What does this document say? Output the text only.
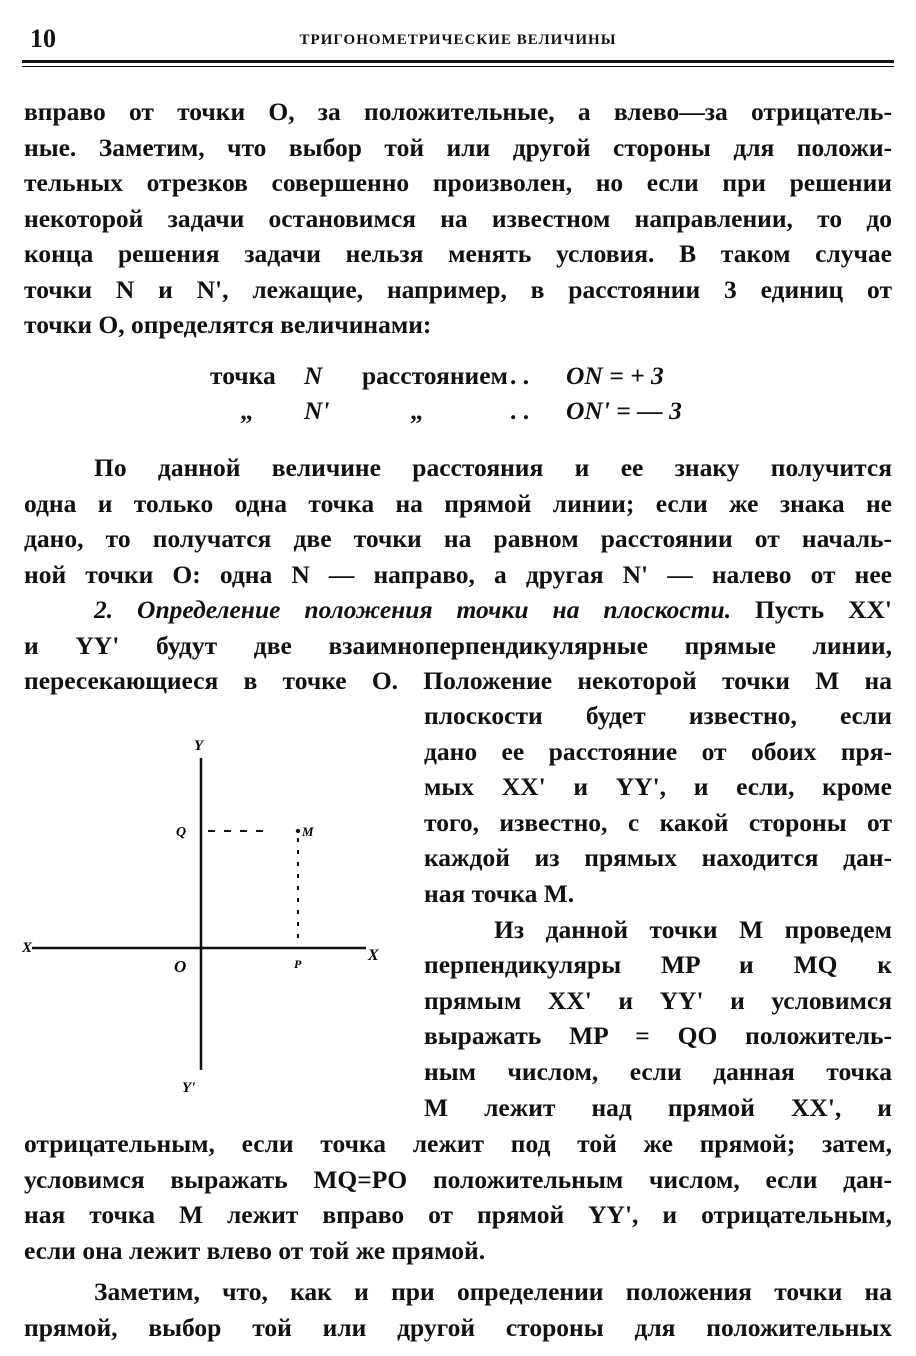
10	ТРИГОНОМЕТРИЧЕСКИЕ ВЕЛИЧИНЫ
вправо от точки O, за положительные, а влево—за отрицатель-
ные. Заметим, что выбор той или другой стороны для положи-
тельных отрезков совершенно произволен, но если при решении
некоторой задачи остановимся на известном направлении, то до
конца решения задачи нельзя менять условия. В таком случае
точки N и N', лежащие, например, в расстоянии 3 единиц от
точки O, определятся величинами:
точка N расстоянием . . ON = + 3
„ N'	„	. . ON' = — 3
По данной величине расстояния и ее знаку получится
одна и только одна точка на прямой линии; если же знака не
дано, то получатся две точки на равном расстоянии от началь-
ной точки O: одна N — направо, а другая N' — налево от нее
2. Определение положения точки на плоскости. Пусть XX'
и YY' будут две взаимноперпендикулярные прямые линии,
пересекающиеся в точке O. Положение некоторой точки M на
плоскости будет известно, если
дано ее расстояние от обоих пря-
мых XX' и YY', и если, кроме
того, известно, с какой стороны от
каждой из прямых находится дан-
ная точка M.
Из данной точки M проведем
перпендикуляры MP и MQ к
прямым XX' и YY' и условимся
выражать MP = QO положитель-
ным числом, если данная точка
M лежит над прямой XX', и
Y
Y'
X	X
O
Q	M
P
отрицательным, если точка лежит под той же прямой; затем,
условимся выражать MQ=PO положительным числом, если дан-
ная точка M лежит вправо от прямой YY', и отрицательным,
если она лежит влево от той же прямой.
Заметим, что, как и при определении положения точки на
прямой, выбор той или другой стороны для положительных
